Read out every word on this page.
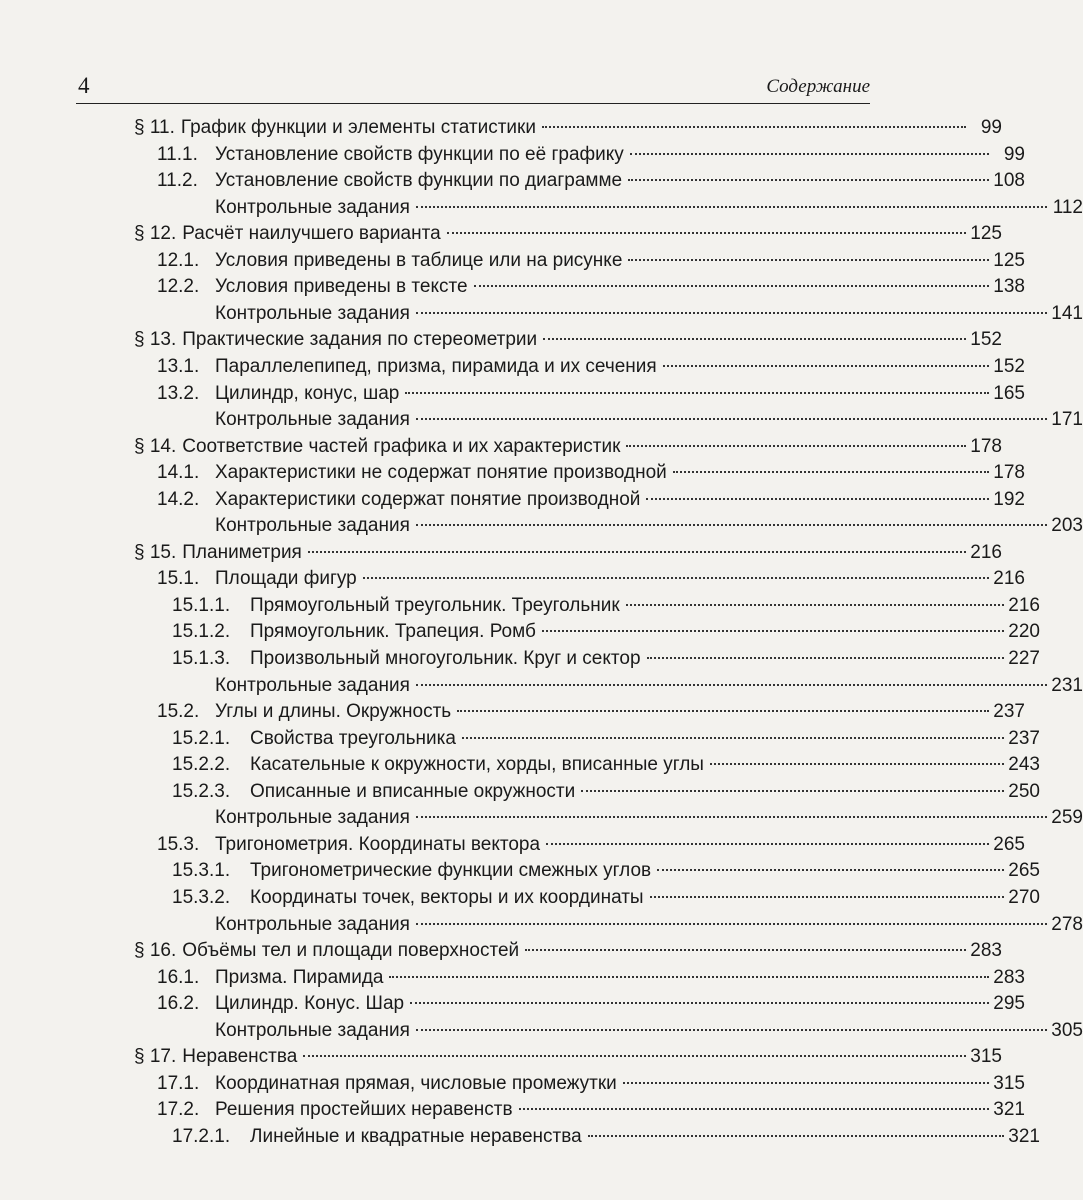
4	Содержание
§ 11. График функции и элементы статистики	99
11.1. Установление свойств функции по её графику	99
11.2. Установление свойств функции по диаграмме	108
Контрольные задания	112
§ 12. Расчёт наилучшего варианта	125
12.1. Условия приведены в таблице или на рисунке	125
12.2. Условия приведены в тексте	138
Контрольные задания	141
§ 13. Практические задания по стереометрии	152
13.1. Параллелепипед, призма, пирамида и их сечения	152
13.2. Цилиндр, конус, шар	165
Контрольные задания	171
§ 14. Соответствие частей графика и их характеристик	178
14.1. Характеристики не содержат понятие производной	178
14.2. Характеристики содержат понятие производной	192
Контрольные задания	203
§ 15. Планиметрия	216
15.1. Площади фигур	216
15.1.1.	Прямоугольный треугольник. Треугольник	216
15.1.2.	Прямоугольник. Трапеция. Ромб	220
15.1.3.	Произвольный многоугольник. Круг и сектор	227
Контрольные задания	231
15.2. Углы и длины. Окружность	237
15.2.1.	Свойства треугольника	237
15.2.2.	Касательные к окружности, хорды, вписанные углы	243
15.2.3.	Описанные и вписанные окружности	250
Контрольные задания	259
15.3. Тригонометрия. Координаты вектора	265
15.3.1.	Тригонометрические функции смежных углов	265
15.3.2.	Координаты точек, векторы и их координаты	270
Контрольные задания	278
§ 16. Объёмы тел и площади поверхностей	283
16.1. Призма. Пирамида	283
16.2. Цилиндр. Конус. Шар	295
Контрольные задания	305
§ 17. Неравенства	315
17.1. Координатная прямая, числовые промежутки	315
17.2. Решения простейших неравенств	321
17.2.1.	Линейные и квадратные неравенства	321
